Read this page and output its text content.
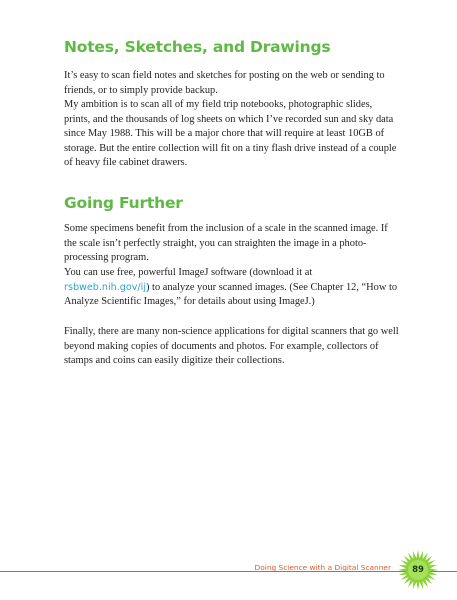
Notes, Sketches, and Drawings

It’s easy to scan field notes and sketches for posting on the web or sending to friends, or to simply provide backup.

My ambition is to scan all of my field trip notebooks, photographic slides, prints, and the thousands of log sheets on which I’ve recorded sun and sky data since May 1988. This will be a major chore that will require at least 10GB of storage. But the entire collection will fit on a tiny flash drive instead of a couple of heavy file cabinet drawers.

Going Further

Some specimens benefit from the inclusion of a scale in the scanned image. If the scale isn’t perfectly straight, you can straighten the image in a photo-processing program.

You can use free, powerful ImageJ software (download it at rsbweb.nih.gov/ij) to analyze your scanned images. (See Chapter 12, “How to Analyze Scientific Images,” for details about using ImageJ.)

Finally, there are many non-science applications for digital scanners that go well beyond making copies of documents and photos. For example, collectors of stamps and coins can easily digitize their collections.

Doing Science with a Digital Scanner	89
